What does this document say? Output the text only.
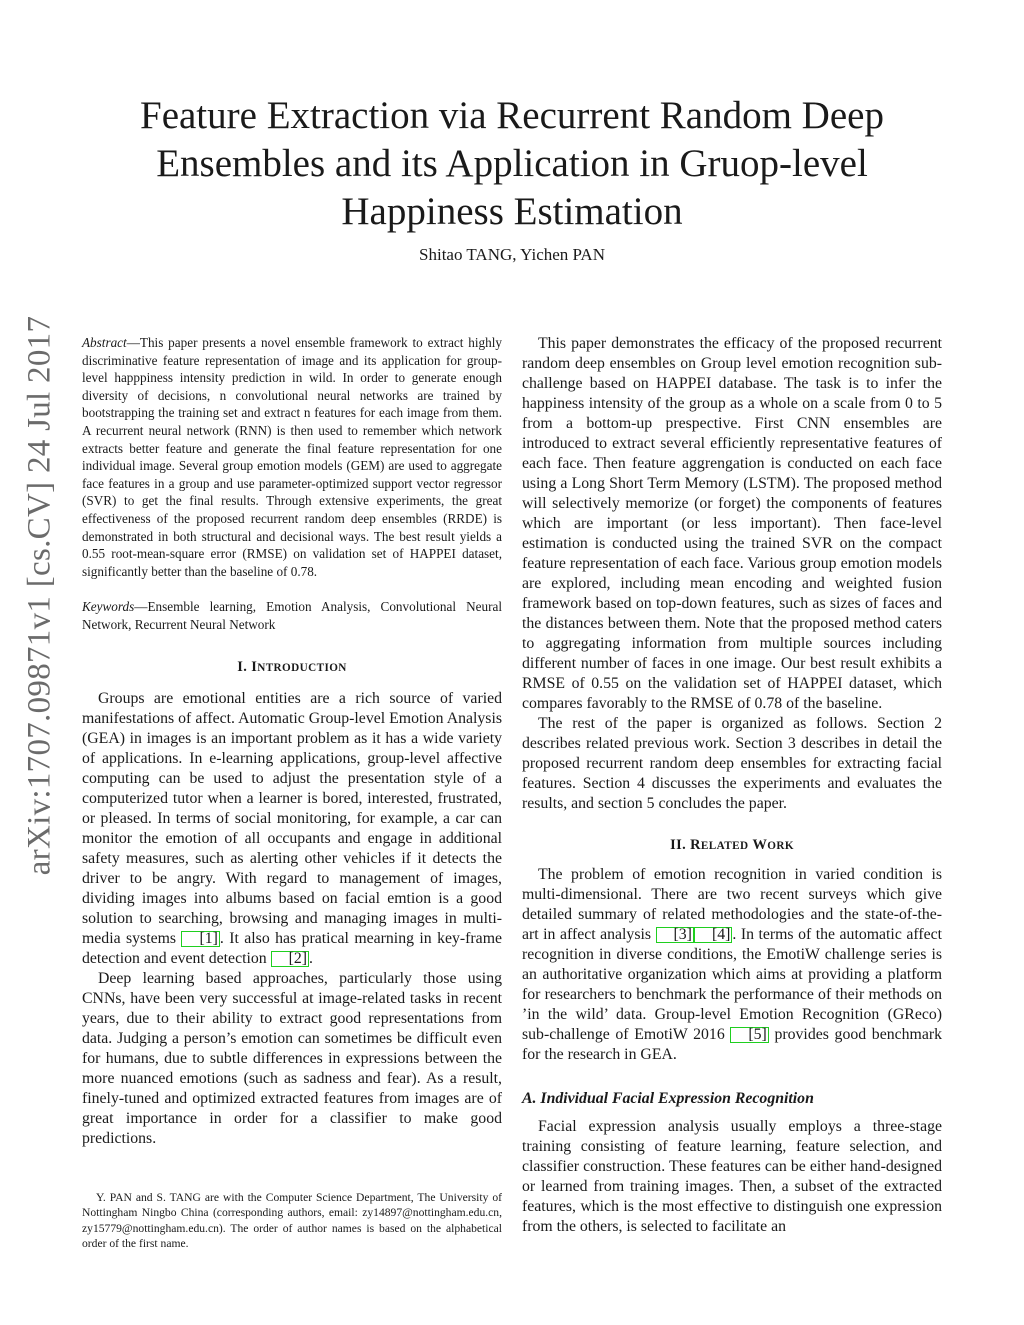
arXiv:1707.09871v1 [cs.CV] 24 Jul 2017
Feature Extraction via Recurrent Random Deep Ensembles and its Application in Gruop-level Happiness Estimation
Shitao TANG, Yichen PAN

Abstract—This paper presents a novel ensemble framework to extract highly discriminative feature representation of image and its application for group-level happpiness intensity prediction in wild. In order to generate enough diversity of decisions, n convolutional neural networks are trained by bootstrapping the training set and extract n features for each image from them. A recurrent neural network (RNN) is then used to remember which network extracts better feature and generate the final feature representation for one individual image. Several group emotion models (GEM) are used to aggregate face features in a group and use parameter-optimized support vector regressor (SVR) to get the final results. Through extensive experiments, the great effectiveness of the proposed recurrent random deep ensembles (RRDE) is demonstrated in both structural and decisional ways. The best result yields a 0.55 root-mean-square error (RMSE) on validation set of HAPPEI dataset, significantly better than the baseline of 0.78.

Keywords—Ensemble learning, Emotion Analysis, Convolutional Neural Network, Recurrent Neural Network

I. INTRODUCTION

Groups are emotional entities are a rich source of varied manifestations of affect. Automatic Group-level Emotion Analysis (GEA) in images is an important problem as it has a wide variety of applications. In e-learning applications, group-level affective computing can be used to adjust the presentation style of a computerized tutor when a learner is bored, interested, frustrated, or pleased. In terms of social monitoring, for example, a car can monitor the emotion of all occupants and engage in additional safety measures, such as alerting other vehicles if it detects the driver to be angry. With regard to management of images, dividing images into albums based on facial emtion is a good solution to searching, browsing and managing images in multi-media systems [1] . It also has pratical mearning in key-frame detection and event detection [2] .

Deep learning based approaches, particularly those using CNNs, have been very successful at image-related tasks in recent years, due to their ability to extract good representations from data. Judging a person’s emotion can sometimes be difficult even for humans, due to subtle differences in expressions between the more nuanced emotions (such as sadness and fear). As a result, finely-tuned and optimized extracted features from images are of great importance in order for a classifier to make good predictions.

Y. PAN and S. TANG are with the Computer Science Department, The University of Nottingham Ningbo China (corresponding authors, email: zy14897@nottingham.edu.cn, zy15779@nottingham.edu.cn). The order of author names is based on the alphabetical order of the first name.

This paper demonstrates the efficacy of the proposed recurrent random deep ensembles on Group level emotion recognition sub-challenge based on HAPPEI database. The task is to infer the happiness intensity of the group as a whole on a scale from 0 to 5 from a bottom-up prespective. First CNN ensembles are introduced to extract several efficiently representative features of each face. Then feature aggrengation is conducted on each face using a Long Short Term Memory (LSTM). The proposed method will selectively memorize (or forget) the components of features which are important (or less important). Then face-level estimation is conducted using the trained SVR on the compact feature representation of each face. Various group emotion models are explored, including mean encoding and weighted fusion framework based on top-down features, such as sizes of faces and the distances between them. Note that the proposed method caters to aggregating information from multiple sources including different number of faces in one image. Our best result exhibits a RMSE of 0.55 on the validation set of HAPPEI dataset, which compares favorably to the RMSE of 0.78 of the baseline.

The rest of the paper is organized as follows. Section 2 describes related previous work. Section 3 describes in detail the proposed recurrent random deep ensembles for extracting facial features. Section 4 discusses the experiments and evaluates the results, and section 5 concludes the paper.

II. RELATED WORK

The problem of emotion recognition in varied condition is multi-dimensional. There are two recent surveys which give detailed summary of related methodologies and the state-of-the-art in affect analysis [3] [4] . In terms of the automatic affect recognition in diverse conditions, the EmotiW challenge series is an authoritative organization which aims at providing a platform for researchers to benchmark the performance of their methods on ’in the wild’ data. Group-level Emotion Recognition (GReco) sub-challenge of EmotiW 2016 [5] provides good benchmark for the research in GEA.

A. Individual Facial Expression Recognition

Facial expression analysis usually employs a three-stage training consisting of feature learning, feature selection, and classifier construction. These features can be either hand-designed or learned from training images. Then, a subset of the extracted features, which is the most effective to distinguish one expression from the others, is selected to facilitate an
